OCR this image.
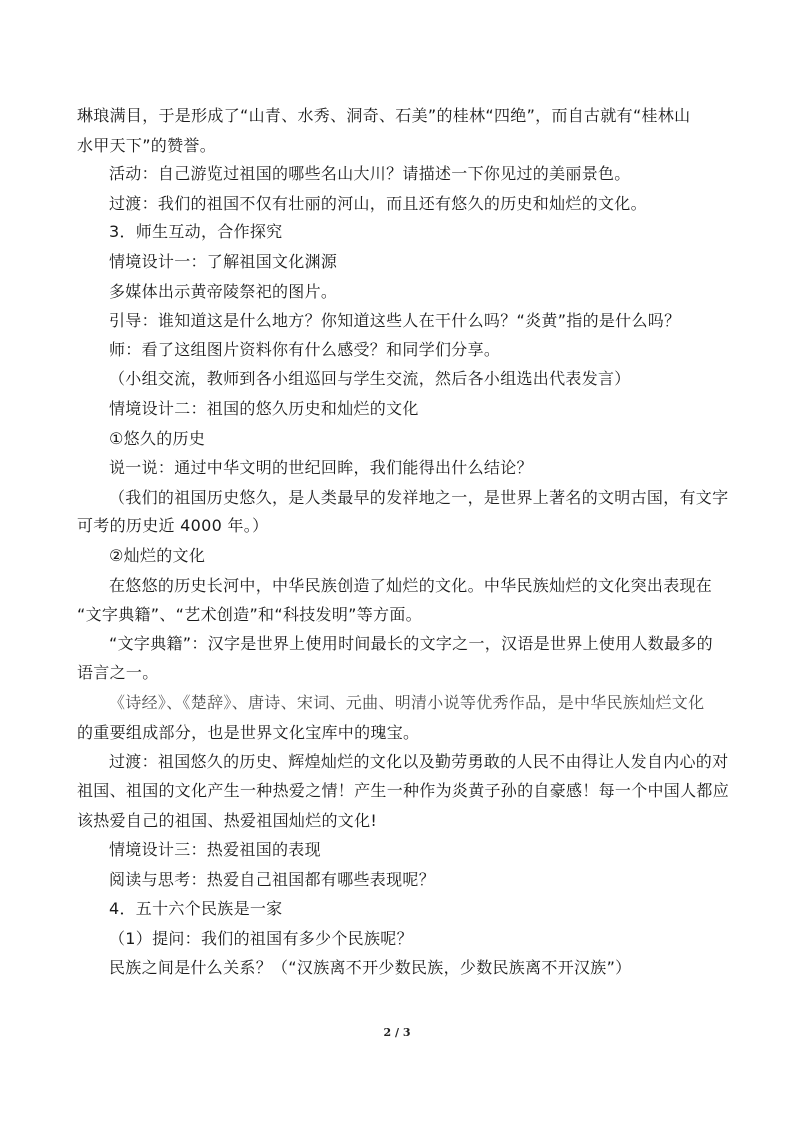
琳琅满目，于是形成了“山青、水秀、洞奇、石美”的桂林“四绝”，而自古就有“桂林山
水甲天下”的赞誉。
活动：自己游览过祖国的哪些名山大川？请描述一下你见过的美丽景色。
过渡：我们的祖国不仅有壮丽的河山，而且还有悠久的历史和灿烂的文化。
3．师生互动，合作探究
情境设计一：了解祖国文化渊源
多媒体出示黄帝陵祭祀的图片。
引导：谁知道这是什么地方？你知道这些人在干什么吗？“炎黄”指的是什么吗？
师：看了这组图片资料你有什么感受？和同学们分享。
（小组交流，教师到各小组巡回与学生交流，然后各小组选出代表发言）
情境设计二：祖国的悠久历史和灿烂的文化
①悠久的历史
说一说：通过中华文明的世纪回眸，我们能得出什么结论？
（我们的祖国历史悠久，是人类最早的发祥地之一，是世界上著名的文明古国，有文字
可考的历史近 4000 年。）
②灿烂的文化
在悠悠的历史长河中，中华民族创造了灿烂的文化。中华民族灿烂的文化突出表现在
“文字典籍”、“艺术创造”和“科技发明”等方面。
“文字典籍”：汉字是世界上使用时间最长的文字之一，汉语是世界上使用人数最多的
语言之一。
《诗经》、《楚辞》、唐诗、宋词、元曲、明清小说等优秀作品，是中华民族灿烂文化
的重要组成部分，也是世界文化宝库中的瑰宝。
过渡：祖国悠久的历史、辉煌灿烂的文化以及勤劳勇敢的人民不由得让人发自内心的对
祖国、祖国的文化产生一种热爱之情！产生一种作为炎黄子孙的自豪感！每一个中国人都应
该热爱自己的祖国、热爱祖国灿烂的文化!
情境设计三：热爱祖国的表现
阅读与思考：热爱自己祖国都有哪些表现呢？
4．五十六个民族是一家
（1）提问：我们的祖国有多少个民族呢？
民族之间是什么关系？（“汉族离不开少数民族，少数民族离不开汉族”）
2 / 3
